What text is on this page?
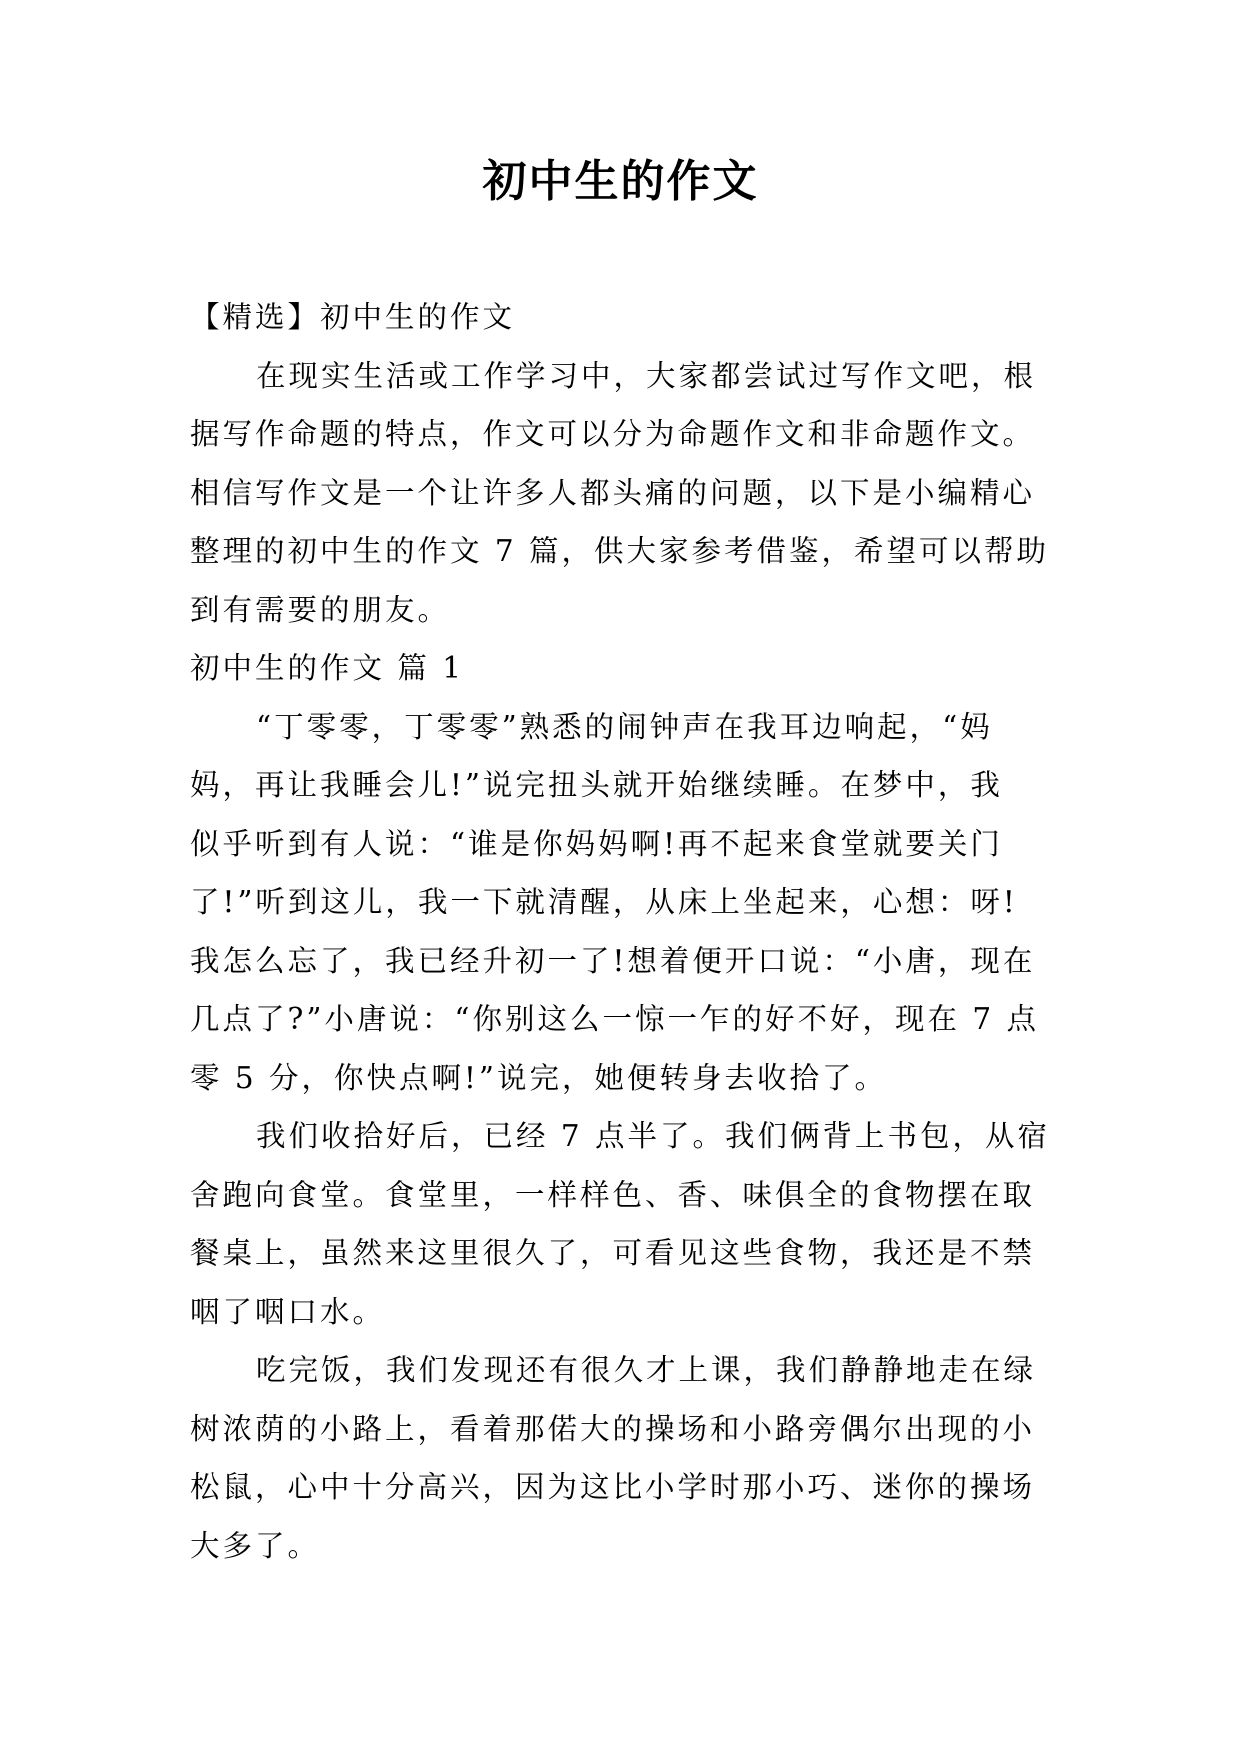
初中生的作文

【精选】初中生的作文

在现实生活或工作学习中，大家都尝试过写作文吧，根

据写作命题的特点，作文可以分为命题作文和非命题作文。

相信写作文是一个让许多人都头痛的问题，以下是小编精心

整理的初中生的作文 7 篇，供大家参考借鉴，希望可以帮助

到有需要的朋友。

初中生的作文 篇 1

“丁零零，丁零零”熟悉的闹钟声在我耳边响起，“妈

妈，再让我睡会儿!”说完扭头就开始继续睡。在梦中，我

似乎听到有人说：“谁是你妈妈啊!再不起来食堂就要关门

了!”听到这儿，我一下就清醒，从床上坐起来，心想：呀!

我怎么忘了，我已经升初一了!想着便开口说：“小唐，现在

几点了?”小唐说：“你别这么一惊一乍的好不好，现在 7 点

零 5 分，你快点啊!”说完，她便转身去收拾了。

我们收拾好后，已经 7 点半了。我们俩背上书包，从宿

舍跑向食堂。食堂里，一样样色、香、味俱全的食物摆在取

餐桌上，虽然来这里很久了，可看见这些食物，我还是不禁

咽了咽口水。

吃完饭，我们发现还有很久才上课，我们静静地走在绿

树浓荫的小路上，看着那偌大的操场和小路旁偶尔出现的小

松鼠，心中十分高兴，因为这比小学时那小巧、迷你的操场

大多了。
